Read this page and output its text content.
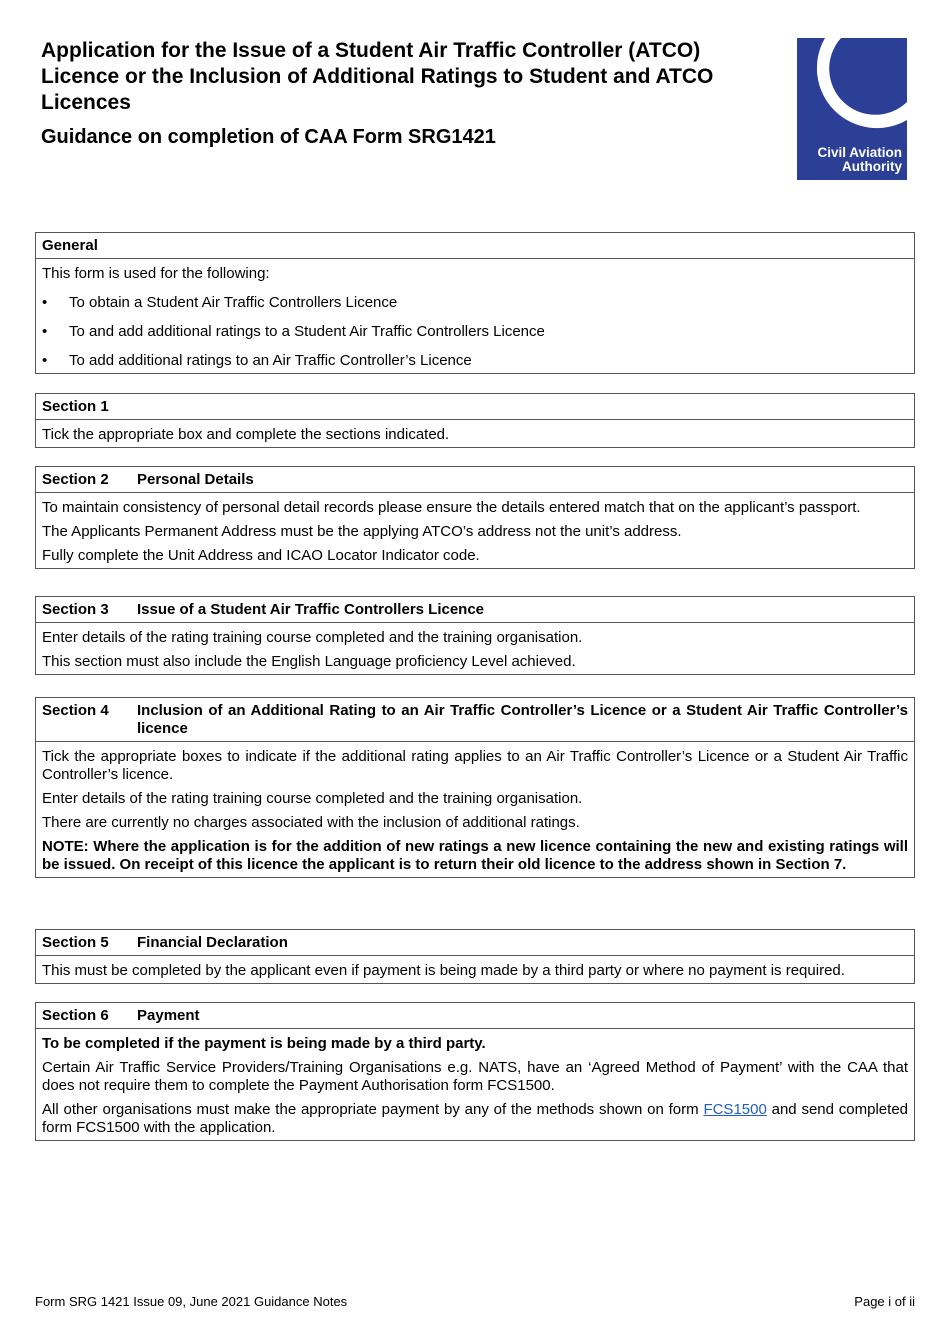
Application for the Issue of a Student Air Traffic Controller (ATCO) Licence or the Inclusion of Additional Ratings to Student and ATCO Licences
Guidance on completion of CAA Form SRG1421
Civil Aviation
Authority
General

This form is used for the following:

• To obtain a Student Air Traffic Controllers Licence
• To and add additional ratings to a Student Air Traffic Controllers Licence
• To add additional ratings to an Air Traffic Controller’s Licence
Section 1

Tick the appropriate box and complete the sections indicated.

Section 2	Personal Details

To maintain consistency of personal detail records please ensure the details entered match that on the applicant’s passport.

The Applicants Permanent Address must be the applying ATCO’s address not the unit’s address.

Fully complete the Unit Address and ICAO Locator Indicator code.

Section 3	Issue of a Student Air Traffic Controllers Licence

Enter details of the rating training course completed and the training organisation.

This section must also include the English Language proficiency Level achieved.

Section 4	Inclusion of an Additional Rating to an Air Traffic Controller’s Licence or a Student Air Traffic Controller’s licence

Tick the appropriate boxes to indicate if the additional rating applies to an Air Traffic Controller’s Licence or a Student Air Traffic Controller’s licence.

Enter details of the rating training course completed and the training organisation.

There are currently no charges associated with the inclusion of additional ratings.

NOTE: Where the application is for the addition of new ratings a new licence containing the new and existing ratings will be issued. On receipt of this licence the applicant is to return their old licence to the address shown in Section 7.

Section 5	Financial Declaration

This must be completed by the applicant even if payment is being made by a third party or where no payment is required.

Section 6	Payment

To be completed if the payment is being made by a third party.

Certain Air Traffic Service Providers/Training Organisations e.g. NATS, have an ‘Agreed Method of Payment’ with the CAA that does not require them to complete the Payment Authorisation form FCS1500.

All other organisations must make the appropriate payment by any of the methods shown on form FCS1500 and send completed form FCS1500 with the application.

Form SRG 1421 Issue 09, June 2021 Guidance Notes	Page i of ii
